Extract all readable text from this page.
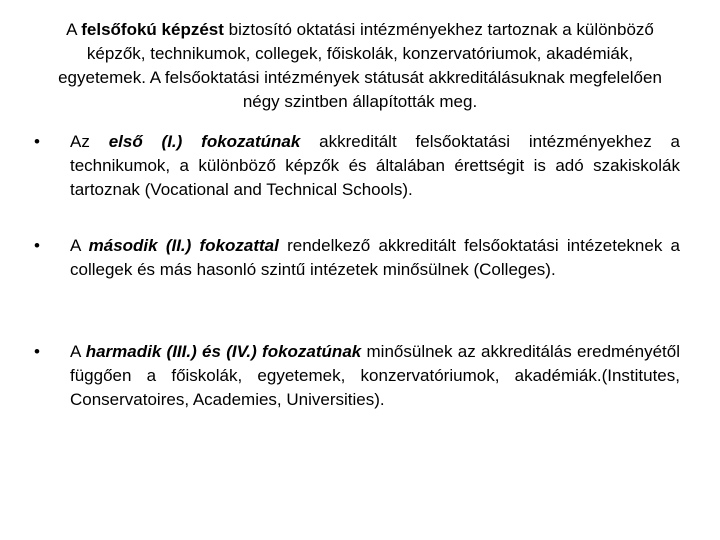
A felsőfokú képzést biztosító oktatási intézményekhez tartoznak a különböző képzők, technikumok, collegek, főiskolák, konzervatóriumok, akadémiák, egyetemek. A felsőoktatási intézmények státusát akkreditálásuknak megfelelően négy szintben állapították meg.

• Az első (I.) fokozatúnak akkreditált felsőoktatási intézményekhez a technikumok, a különböző képzők és általában érettségit is adó szakiskolák tartoznak (Vocational and Technical Schools).
• A második (II.) fokozattal rendelkező akkreditált felsőoktatási intézeteknek a collegek és más hasonló szintű intézetek minősülnek (Colleges).
• A harmadik (III.) és (IV.) fokozatúnak minősülnek az akkreditálás eredményétől függően a főiskolák, egyetemek, konzervatóriumok, akadémiák.(Institutes, Conservatoires, Academies, Universities).
